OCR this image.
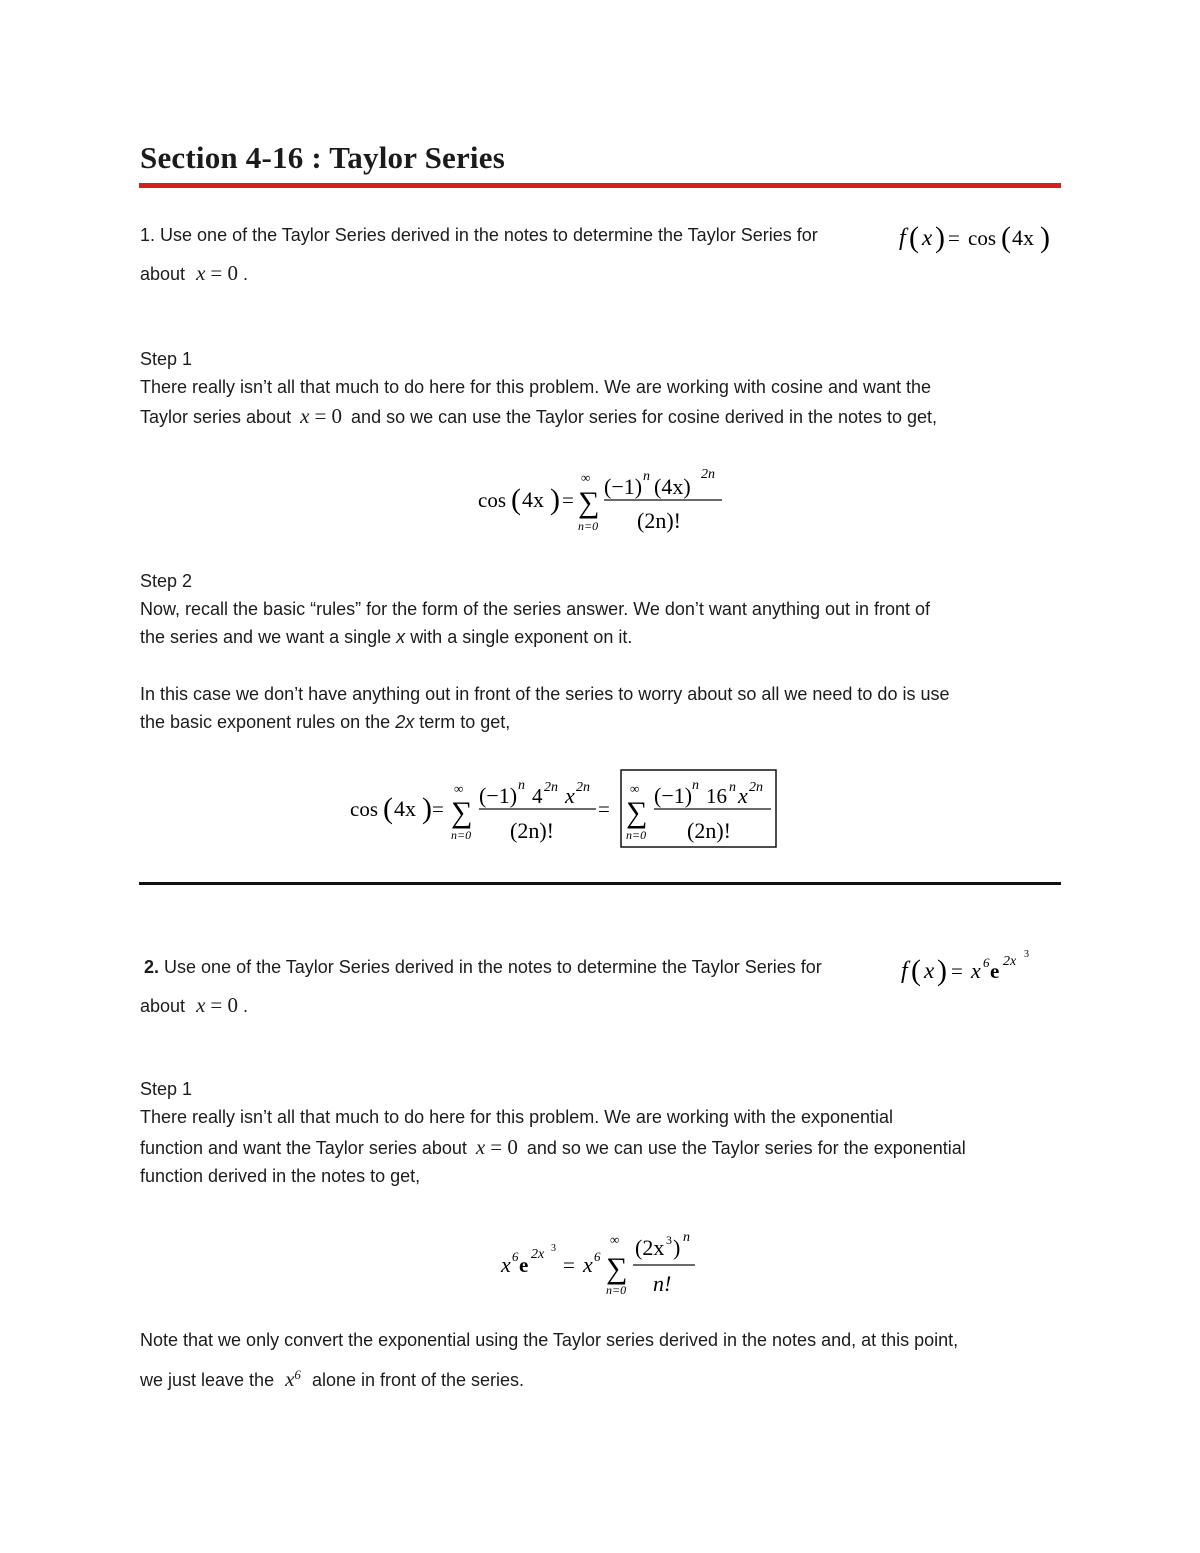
Section 4-16 : Taylor Series
1. Use one of the Taylor Series derived in the notes to determine the Taylor Series for	f ( x ) = cos ( 4x )
about x = 0 .
Step 1
There really isn’t all that much to do here for this problem. We are working with cosine and want the
Taylor series about x = 0 and so we can use the Taylor series for cosine derived in the notes to get,
cos ( 4x ) =
∞
∑
n=0
(−1) n (4x) 2n
(2n)!
Step 2
Now, recall the basic “rules” for the form of the series answer. We don’t want anything out in front of
the series and we want a single x with a single exponent on it.
In this case we don’t have anything out in front of the series to worry about so all we need to do is use
the basic exponent rules on the 2x term to get,
cos ( 4x ) =
∞
∑
n=0
(−1) n 4 2n x 2n
(2n)!
=
∞
∑
n=0
(−1) n 16 n x 2n
(2n)!
2. Use one of the Taylor Series derived in the notes to determine the Taylor Series for	f ( x ) = x 6 e 2x 3
about x = 0 .
Step 1
There really isn’t all that much to do here for this problem. We are working with the exponential
function and want the Taylor series about x = 0 and so we can use the Taylor series for the exponential
function derived in the notes to get,
x 6 e 2x 3
= x 6
∞
∑
n=0
(2x 3 ) n
n!
Note that we only convert the exponential using the Taylor series derived in the notes and, at this point,
we just leave the $x^6$ alone in front of the series.
